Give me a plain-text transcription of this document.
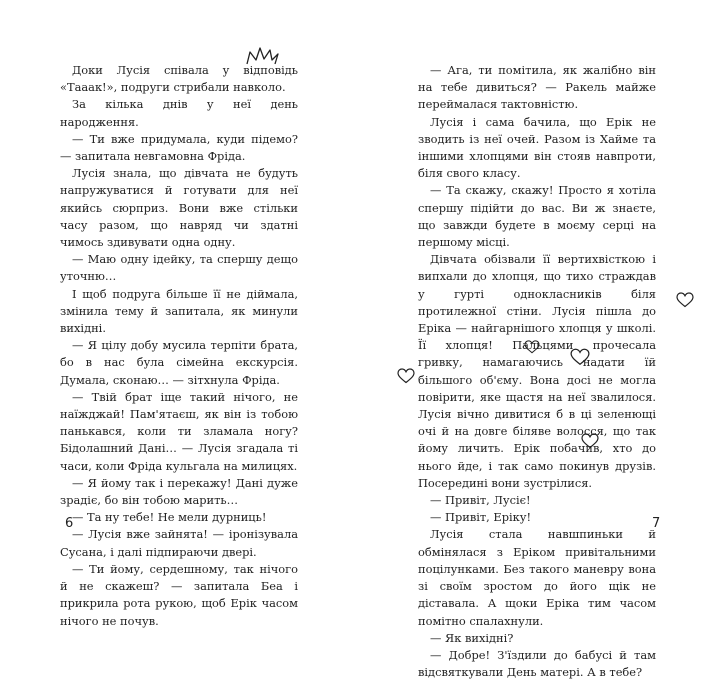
Доки Лусія співала у відповідь «Тааак!», подруги стрибали навколо.

За кілька днів у неї день народження.

— Ти вже придумала, куди підемо? — запитала невгамовна Фріда.

Лусія знала, що дівчата не будуть напружуватися й готувати для неї якийсь сюрприз. Вони вже стільки часу разом, що навряд чи здатні чимось здивувати одна одну.

— Маю одну ідейку, та спершу дещо уточню…

І щоб подруга більше її не діймала, змінила тему й запитала, як минули вихідні.

— Я цілу добу мусила терпіти брата, бо в нас була сімейна екскурсія. Думала, сконаю… — зітхнула Фріда.

— Твій брат іще такий нічого, не наїжджай! Пам'ятаєш, як він із тобою панькався, коли ти зламала ногу? Бідолашний Дані… — Лусія згадала ті часи, коли Фріда кульгала на милицях.

— Я йому так і перекажу! Дані дуже зрадіє, бо він тобою марить…

— Та ну тебе! Не мели дурниць!

— Лусія вже зайнята! — іронізувала Сусана, і далі підпираючи двері.

— Ти йому, сердешному, так нічого й не скажеш? — запитала Беа і прикрила рота рукою, щоб Ерік часом нічого не почув.

— Ага, ти помітила, як жалібно він на тебе дивиться? — Ракель майже переймалася тактовністю.

Лусія і сама бачила, що Ерік не зводить із неї очей. Разом із Хайме та іншими хлопцями він стояв навпроти, біля свого класу.

— Та скажу, скажу! Просто я хотіла спершу підійти до вас. Ви ж знаєте, що завжди будете в моєму серці на першому місці.

Дівчата обізвали її вертихвісткою і випхали до хлопця, що тихо страждав у гурті однокласників біля протилежної стіни. Лусія пішла до Еріка — найгарнішого хлопця у школі. Її хлопця! Пальцями прочесала гривку, намагаючись надати їй більшого об'єму. Вона досі не могла повірити, яке щастя на неї звалилося. Лусія вічно дивитися б в ці зеленющі очі й на довге біляве волосся, що так йому личить. Ерік побачив, хто до нього йде, і так само покинув друзів. Посередині вони зустрілися.

— Привіт, Лусіє!

— Привіт, Еріку!

Лусія стала навшпиньки й обмінялася з Еріком привітальними поцілунками. Без такого маневру вона зі своїм зростом до його щік не діставала. А щоки Еріка тим часом помітно спалахнули.

— Як вихідні?

— Добре! З'їздили до бабусі й там відсвяткували День матері. А в тебе?

6	7
